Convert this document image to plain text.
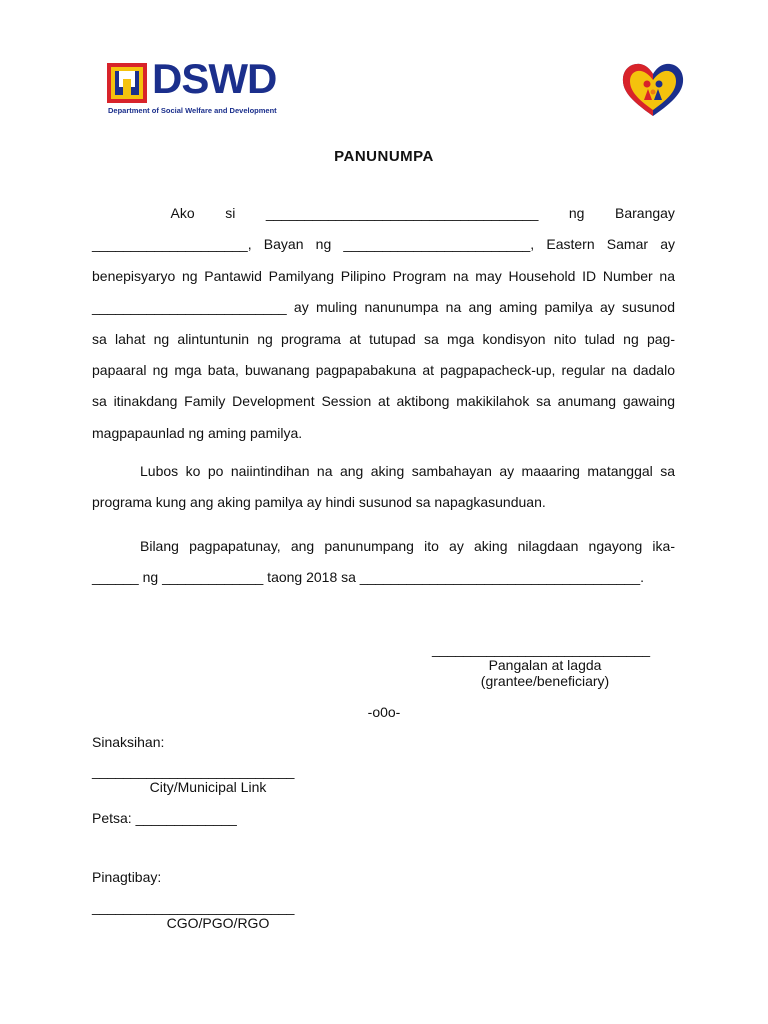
DSWD
Department of Social Welfare and Development
PANUNUMPA
Ako si ___________________________________ ng Barangay
____________________, Bayan ng ________________________, Eastern Samar ay
benepisyaryo ng Pantawid Pamilyang Pilipino Program na may Household ID Number na
_________________________ ay muling nanunumpa na ang aming pamilya ay susunod
sa lahat ng alintuntunin ng programa at tutupad sa mga kondisyon nito tulad ng pag-
papaaral ng mga bata, buwanang pagpapabakuna at pagpapacheck-up, regular na dadalo
sa itinakdang Family Development Session at aktibong makikilahok sa anumang gawaing
magpapaunlad ng aming pamilya.
Lubos ko po naiintindihan na ang aking sambahayan ay maaaring matanggal sa
programa kung ang aking pamilya ay hindi susunod sa napagkasunduan.
Bilang pagpapatunay, ang panunumpang ito ay aking nilagdaan ngayong ika-
______ ng _____________ taong 2018 sa ____________________________________.
____________________________
Pangalan at lagda
(grantee/beneficiary)
-o0o-
Sinaksihan:
__________________________
City/Municipal Link
Petsa: _____________
Pinagtibay:
__________________________
CGO/PGO/RGO
